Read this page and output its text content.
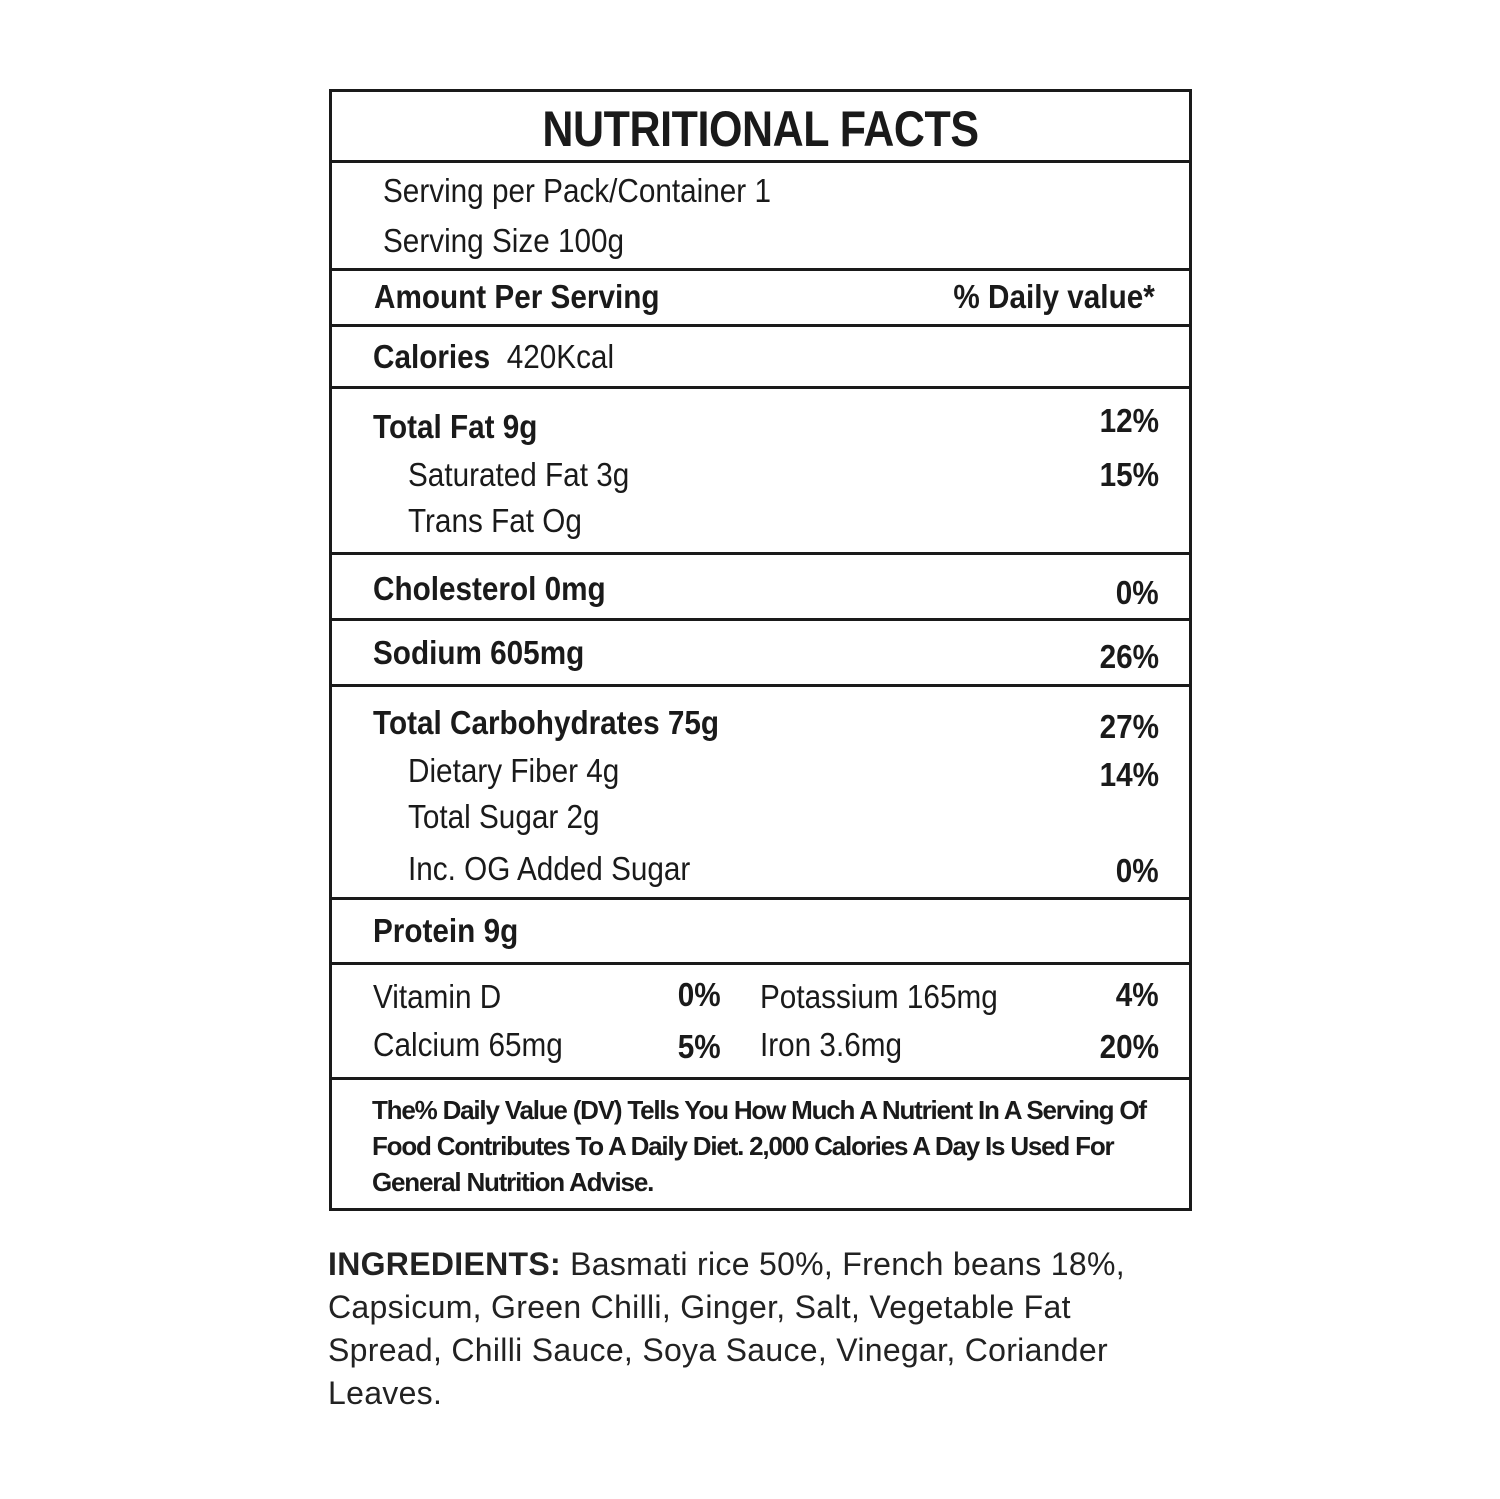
NUTRITIONAL FACTS
Serving per Pack/Container 1
Serving Size 100g
Amount Per Serving	% Daily value*
Calories 420Kcal
Total Fat 9g	12%
Saturated Fat 3g	15%
Trans Fat Og
Cholesterol 0mg	0%
Sodium 605mg	26%
Total Carbohydrates 75g	27%
Dietary Fiber 4g	14%
Total Sugar 2g
Inc. OG Added Sugar	0%
Protein 9g
Vitamin D	0% Potassium 165mg	4%
Calcium 65mg	5% Iron 3.6mg	20%
The% Daily Value (DV) Tells You How Much A Nutrient In A Serving Of Food Contributes To A Daily Diet. 2,000 Calories A Day Is Used For General Nutrition Advise.
INGREDIENTS: Basmati rice 50%, French beans 18%, Capsicum, Green Chilli, Ginger, Salt, Vegetable Fat Spread, Chilli Sauce, Soya Sauce, Vinegar, Coriander Leaves.
